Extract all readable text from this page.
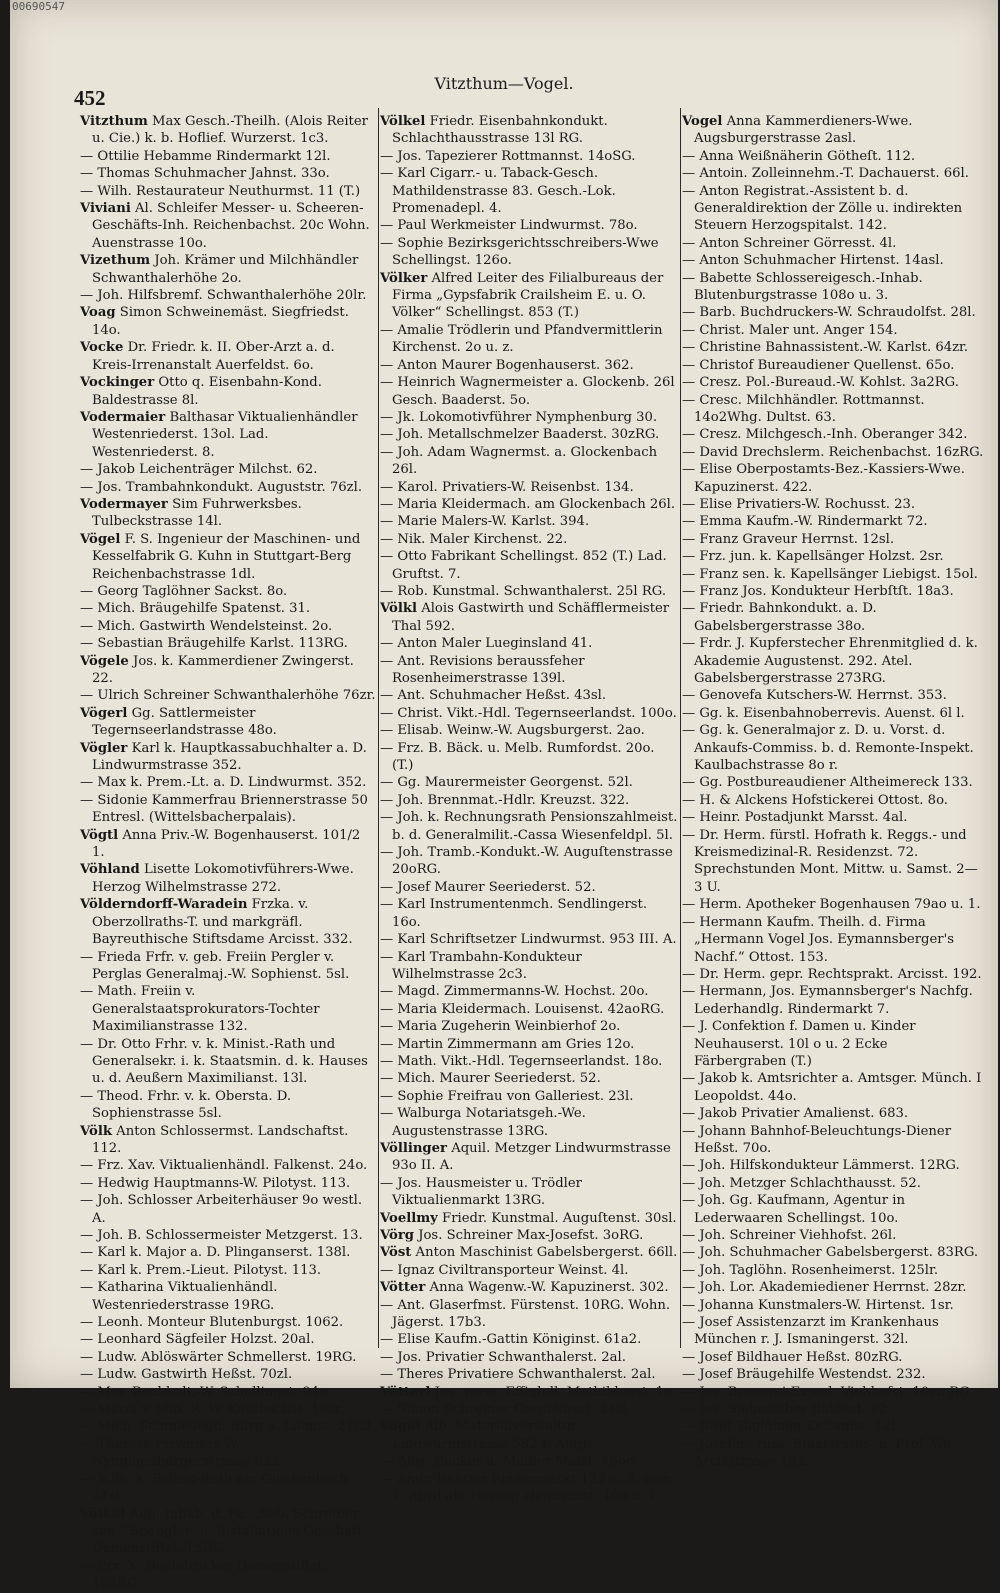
00690547
452
Vitzthum—Vogel.

Vitzthum Max Gesch.-Theilh. (Alois Reiter u. Cie.) k. b. Hoflief. Wurzerst. 1c3.

— Ottilie Hebamme Rindermarkt 12l.

— Thomas Schuhmacher Jahnst. 33o.

— Wilh. Restaurateur Neuthurmst. 11 (T.)

Viviani Al. Schleifer Messer- u. Scheeren-Geschäfts-Inh. Reichenbachst. 20c Wohn. Auenstrasse 10o.

Vizethum Joh. Krämer und Milchhändler Schwanthalerhöhe 2o.

— Joh. Hilfsbremf. Schwanthalerhöhe 20lr.

Voag Simon Schweinemäst. Siegfriedst. 14o.

Vocke Dr. Friedr. k. II. Ober-Arzt a. d. Kreis-Irrenanstalt Auerfeldst. 6o.

Vockinger Otto q. Eisenbahn-Kond. Baldestrasse 8l.

Vodermaier Balthasar Viktualienhändler Westenriederst. 13ol. Lad. Westenriederst. 8.

— Jakob Leichenträger Milchst. 62.

— Jos. Trambahnkondukt. Auguststr. 76zl.

Vodermayer Sim Fuhrwerksbes. Tulbeckstrasse 14l.

Vögel F. S. Ingenieur der Maschinen- und Kesselfabrik G. Kuhn in Stuttgart-Berg Reichenbachstrasse 1dl.

— Georg Taglöhner Sackst. 8o.

— Mich. Bräugehilfe Spatenst. 31.

— Mich. Gastwirth Wendelsteinst. 2o.

— Sebastian Bräugehilfe Karlst. 113RG.

Vögele Jos. k. Kammerdiener Zwingerst. 22.

— Ulrich Schreiner Schwanthalerhöhe 76zr.

Vögerl Gg. Sattlermeister Tegernseerlandstrasse 48o.

Vögler Karl k. Hauptkassabuchhalter a. D. Lindwurmstrasse 352.

— Max k. Prem.-Lt. a. D. Lindwurmst. 352.

— Sidonie Kammerfrau Briennerstrasse 50 Entresl. (Wittelsbacherpalais).

Vögtl Anna Priv.-W. Bogenhauserst. 101/2 1.

Vöhland Lisette Lokomotivführers-Wwe. Herzog Wilhelmstrasse 272.

Völderndorff-Waradein Frzka. v. Oberzollraths-T. und markgräfl. Bayreuthische Stiftsdame Arcisst. 332.

— Frieda Frfr. v. geb. Freiin Pergler v. Perglas Generalmaj.-W. Sophienst. 5sl.

— Math. Freiin v. Generalstaatsprokurators-Tochter Maximilianstrasse 132.

— Dr. Otto Frhr. v. k. Minist.-Rath und Generalsekr. i. k. Staatsmin. d. k. Hauses u. d. Aeußern Maximilianst. 13l.

— Theod. Frhr. v. k. Obersta. D. Sophienstrasse 5sl.

Völk Anton Schlossermst. Landschaftst. 112.

— Frz. Xav. Viktualienhändl. Falkenst. 24o.

— Hedwig Hauptmanns-W. Pilotyst. 113.

— Joh. Schlosser Arbeiterhäuser 9o westl. A.

— Joh. B. Schlossermeister Metzgerst. 13.

— Karl k. Major a. D. Plinganserst. 138l.

— Karl k. Prem.-Lieut. Pilotyst. 113.

— Katharina Viktualienhändl. Westenriederstrasse 19RG.

— Leonh. Monteur Blutenburgst. 1062.

— Leonhard Sägfeiler Holzst. 20al.

— Ludw. Ablöswärter Schmellerst. 19RG.

— Ludw. Gastwirth Heßst. 70zl.

— Mar. Buchhalt.-W. Schellingst. 94o.

— Maria v. Min.-R.-W. Kaulbachst. 10zr.

— Mich. Schmiedegh. Burg a. Laimst. 21/2l.

— Therese Privatiers-W. Nymphenburgerstrasse 622.

— Wilh. k. Polizei-Rath am Glockenbach 21sl.

Völkel Aug. Inhab. d. Fa. „Seb. Schreiber sen.“ Spängler- u. Installations-Geschäft Damenstiftst. 15RG.

— Frz. X. Buchdrucker Damenstiftst. 152RG.

Völkel Friedr. Eisenbahnkondukt. Schlachthausstrasse 13l RG.

— Jos. Tapezierer Rottmannst. 14oSG.

— Karl Cigarr.- u. Taback-Gesch. Mathildenstrasse 83. Gesch.-Lok. Promenadepl. 4.

— Paul Werkmeister Lindwurmst. 78o.

— Sophie Bezirksgerichtsschreibers-Wwe Schellingst. 126o.

Völker Alfred Leiter des Filialbureaus der Firma „Gypsfabrik Crailsheim E. u. O. Völker“ Schellingst. 853 (T.)

— Amalie Trödlerin und Pfandvermittlerin Kirchenst. 2o u. z.

— Anton Maurer Bogenhauserst. 362.

— Heinrich Wagnermeister a. Glockenb. 26l Gesch. Baaderst. 5o.

— Jk. Lokomotivführer Nymphenburg 30.

— Joh. Metallschmelzer Baaderst. 30zRG.

— Joh. Adam Wagnermst. a. Glockenbach 26l.

— Karol. Privatiers-W. Reisenbst. 134.

— Maria Kleidermach. am Glockenbach 26l.

— Marie Malers-W. Karlst. 394.

— Nik. Maler Kirchenst. 22.

— Otto Fabrikant Schellingst. 852 (T.) Lad. Gruftst. 7.

— Rob. Kunstmal. Schwanthalerst. 25l RG.

Völkl Alois Gastwirth und Schäfflermeister Thal 592.

— Anton Maler Lueginsland 41.

— Ant. Revisions beraussfeher Rosenheimerstrasse 139l.

— Ant. Schuhmacher Heßst. 43sl.

— Christ. Vikt.-Hdl. Tegernseerlandst. 100o.

— Elisab. Weinw.-W. Augsburgerst. 2ao.

— Frz. B. Bäck. u. Melb. Rumfordst. 20o. (T.)

— Gg. Maurermeister Georgenst. 52l.

— Joh. Brennmat.-Hdlr. Kreuzst. 322.

— Joh. k. Rechnungsrath Pensionszahlmeist. b. d. Generalmilit.-Cassa Wiesenfeldpl. 5l.

— Joh. Tramb.-Kondukt.-W. Auguſtenstrasse 20oRG.

— Josef Maurer Seeriederst. 52.

— Karl Instrumentenmch. Sendlingerst. 16o.

— Karl Schriftsetzer Lindwurmst. 953 III. A.

— Karl Trambahn-Kondukteur Wilhelmstrasse 2c3.

— Magd. Zimmermanns-W. Hochst. 20o.

— Maria Kleidermach. Louisenst. 42aoRG.

— Maria Zugeherin Weinbierhof 2o.

— Martin Zimmermann am Gries 12o.

— Math. Vikt.-Hdl. Tegernseerlandst. 18o.

— Mich. Maurer Seeriederst. 52.

— Sophie Freifrau von Galleriest. 23l.

— Walburga Notariatsgeh.-We. Augustenstrasse 13RG.

Völlinger Aquil. Metzger Lindwurmstrasse 93o II. A.

— Jos. Hausmeister u. Trödler Viktualienmarkt 13RG.

Voellmy Friedr. Kunstmal. Auguſtenst. 30sl.

Vörg Jos. Schreiner Max-Josefst. 3oRG.

Vöst Anton Maschinist Gabelsbergerst. 66ll.

— Ignaz Civiltransporteur Weinst. 4l.

Vötter Anna Wagenw.-W. Kapuzinerst. 302.

— Ant. Glaserfmst. Fürstenst. 10RG. Wohn. Jägerst. 17b3.

— Elise Kaufm.-Gattin Königinst. 61a2.

— Jos. Privatier Schwanthalerst. 2al.

— Theres Privatiere Schwanthalerst. 2al.

Vötterl Jos. vorm. Effighdl. Mathildenst. 1o.

— Simon Schreiner Corneliusst. 34sl.

Vogel Alb. Materialverwalter Lindwurmstrasse 582 I. Aufg.

— Alex. Bäcker u. Melber Maist. 46oo.

— Andr. Rentier Rindermarkt 132 u. 3, vom 1. April ab: Herzog Heinrichst. 10o u. 1.

Vogel Anna Kammerdieners-Wwe. Augsburgerstrasse 2asl.

— Anna Weißnäherin Götheſt. 112.

— Antoin. Zolleinnehm.-T. Dachauerst. 66l.

— Anton Registrat.-Assistent b. d. Generaldirektion der Zölle u. indirekten Steuern Herzogspitalst. 142.

— Anton Schreiner Görresst. 4l.

— Anton Schuhmacher Hirtenst. 14asl.

— Babette Schlossereigesch.-Inhab. Blutenburgstrasse 108o u. 3.

— Barb. Buchdruckers-W. Schraudolfst. 28l.

— Christ. Maler unt. Anger 154.

— Christine Bahnassistent.-W. Karlst. 64zr.

— Christof Bureaudiener Quellenst. 65o.

— Cresz. Pol.-Bureaud.-W. Kohlst. 3a2RG.

— Cresc. Milchhändler. Rottmannst. 14o2Whg. Dultst. 63.

— Cresz. Milchgesch.-Inh. Oberanger 342.

— David Drechslerm. Reichenbachst. 16zRG.

— Elise Oberpostamts-Bez.-Kassiers-Wwe. Kapuzinerst. 422.

— Elise Privatiers-W. Rochusst. 23.

— Emma Kaufm.-W. Rindermarkt 72.

— Franz Graveur Herrnst. 12sl.

— Frz. jun. k. Kapellsänger Holzst. 2sr.

— Franz sen. k. Kapellsänger Liebigst. 15ol.

— Franz Jos. Kondukteur Herbſtſt. 18a3.

— Friedr. Bahnkondukt. a. D. Gabelsbergerstrasse 38o.

— Frdr. J. Kupferstecher Ehrenmitglied d. k. Akademie Augustenst. 292. Atel. Gabelsbergerstrasse 273RG.

— Genovefa Kutschers-W. Herrnst. 353.

— Gg. k. Eisenbahnoberrevis. Auenst. 6l l.

— Gg. k. Generalmajor z. D. u. Vorst. d. Ankaufs-Commiss. b. d. Remonte-Inspekt. Kaulbachstrasse 8o r.

— Gg. Postbureaudiener Altheimereck 133.

— H. & Alckens Hofstickerei Ottost. 8o.

— Heinr. Postadjunkt Marsst. 4al.

— Dr. Herm. fürstl. Hofrath k. Reggs.- und Kreismedizinal-R. Residenzst. 72. Sprechstunden Mont. Mittw. u. Samst. 2—3 U.

— Herm. Apotheker Bogenhausen 79ao u. 1.

— Hermann Kaufm. Theilh. d. Firma „Hermann Vogel Jos. Eymannsberger's Nachf.“ Ottost. 153.

— Dr. Herm. gepr. Rechtsprakt. Arcisst. 192.

— Hermann, Jos. Eymannsberger's Nachfg. Lederhandlg. Rindermarkt 7.

— J. Confektion f. Damen u. Kinder Neuhauserst. 10l o u. 2 Ecke Färbergraben (T.)

— Jakob k. Amtsrichter a. Amtsger. Münch. I Leopoldst. 44o.

— Jakob Privatier Amalienst. 683.

— Johann Bahnhof-Beleuchtungs-Diener Heßst. 70o.

— Joh. Hilfskondukteur Lämmerst. 12RG.

— Joh. Metzger Schlachthausst. 52.

— Joh. Gg. Kaufmann, Agentur in Lederwaaren Schellingst. 10o.

— Joh. Schreiner Viehhofst. 26l.

— Joh. Schuhmacher Gabelsbergerst. 83RG.

— Joh. Taglöhn. Rosenheimerst. 125lr.

— Joh. Lor. Akademiediener Herrnst. 28zr.

— Johanna Kunstmalers-W. Hirtenst. 1sr.

— Josef Assistenzarzt im Krankenhaus München r. J. Ismaningerst. 32l.

— Josef Bildhauer Heßst. 80zRG.

— Josef Bräugehilfe Westendst. 232.

— Jos. Brauerei-Exped. Viehhofst. 10zr. RG.

— Jos. Siebmacher Baldest. 92.

— Josef Taglöhner Occamst. 12l.

— Josefine russ. Staatsraths- u. Prof.-We. Arcisstrasse 192.
